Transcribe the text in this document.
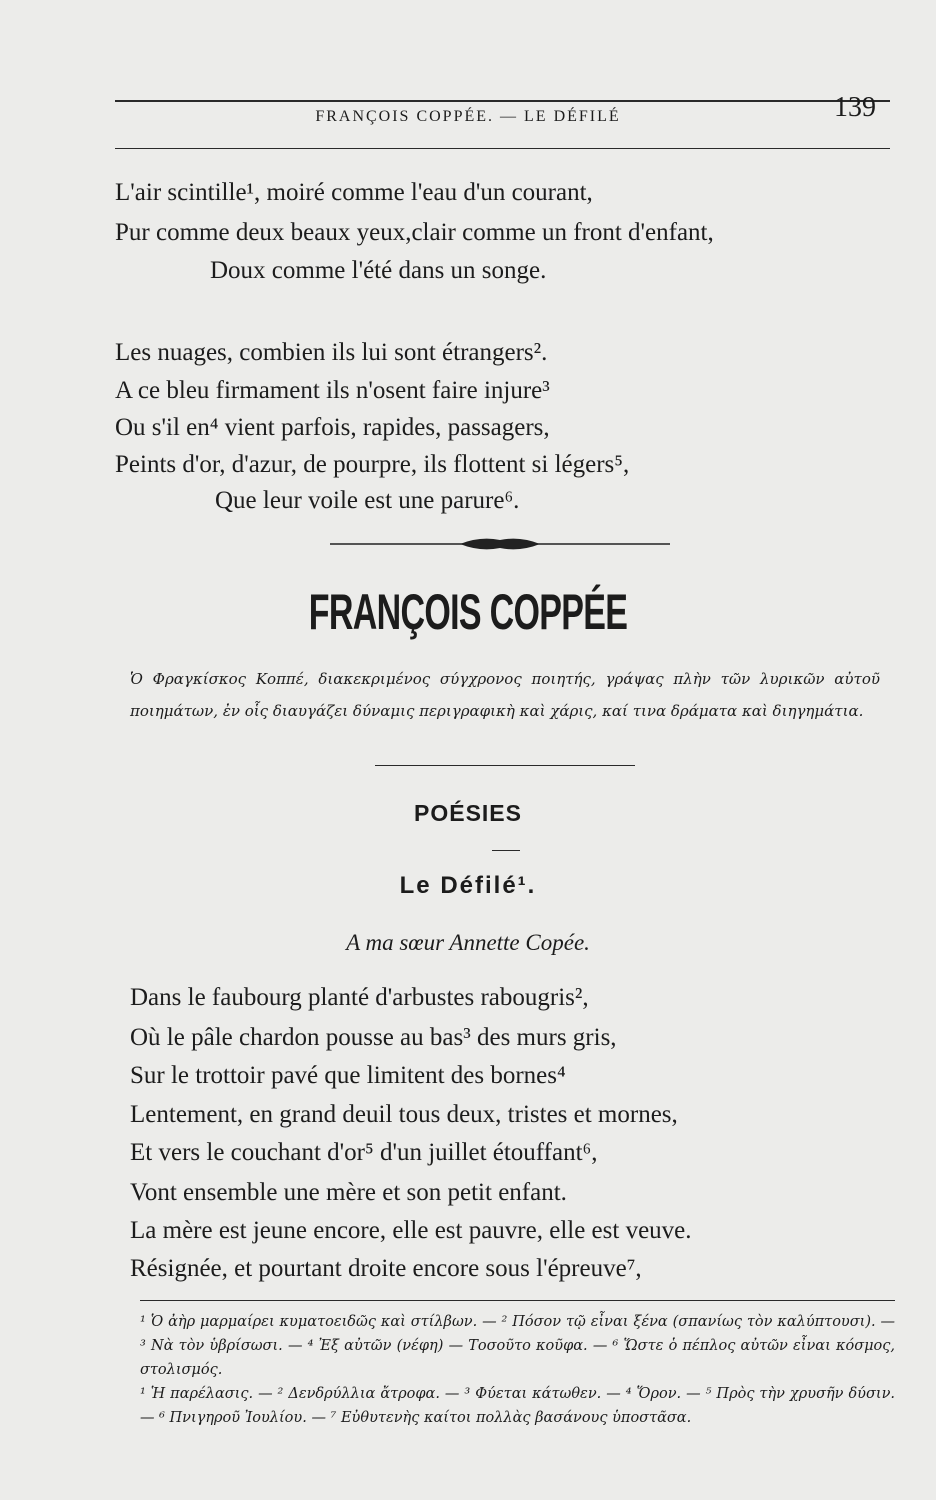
FRANÇOIS COPPÉE. — LE DÉFILÉ	139
L'air scintille¹, moiré comme l'eau d'un courant,
Pur comme deux beaux yeux,clair comme un front d'enfant,
Doux comme l'été dans un songe.
Les nuages, combien ils lui sont étrangers².
A ce bleu firmament ils n'osent faire injure³
Ou s'il en⁴ vient parfois, rapides, passagers,
Peints d'or, d'azur, de pourpre, ils flottent si légers⁵,
Que leur voile est une parure⁶.
FRANÇOIS COPPÉE
Ὁ Φραγκίσκος Κοππέ, διακεκριμένος σύγχρονος ποιητής, γράψας πλὴν τῶν λυρικῶν αὐτοῦ ποιημάτων, ἐν οἷς διαυγάζει δύναμις περιγραφικὴ καὶ χάρις, καί τινα δράματα καὶ διηγημάτια.
POÉSIES
Le Défilé¹.
A ma sœur Annette Copée.
Dans le faubourg planté d'arbustes rabougris²,
Où le pâle chardon pousse au bas³ des murs gris,
Sur le trottoir pavé que limitent des bornes⁴
Lentement, en grand deuil tous deux, tristes et mornes,
Et vers le couchant d'or⁵ d'un juillet étouffant⁶,
Vont ensemble une mère et son petit enfant.
La mère est jeune encore, elle est pauvre, elle est veuve.
Résignée, et pourtant droite encore sous l'épreuve⁷,

¹ Ὁ ἀὴρ μαρμαίρει κυματοειδῶς καὶ στίλβων. — ² Πόσον τῷ εἶναι ξένα (σπανίως τὸν καλύπτουσι). — ³ Νὰ τὸν ὑβρίσωσι. — ⁴ Ἐξ αὐτῶν (νέφη) — Τοσοῦτο κοῦφα. — ⁶ Ὥστε ὁ πέπλος αὐτῶν εἶναι κόσμος, στολισμός.

¹ Ἡ παρέλασις. — ² Δενδρύλλια ἄτροφα. — ³ Φύεται κάτωθεν. — ⁴ Ὅρον. — ⁵ Πρὸς τὴν χρυσῆν δύσιν. — ⁶ Πνιγηροῦ Ἰουλίου. — ⁷ Εὐθυτενὴς καίτοι πολλὰς βασάνους ὑποστᾶσα.
